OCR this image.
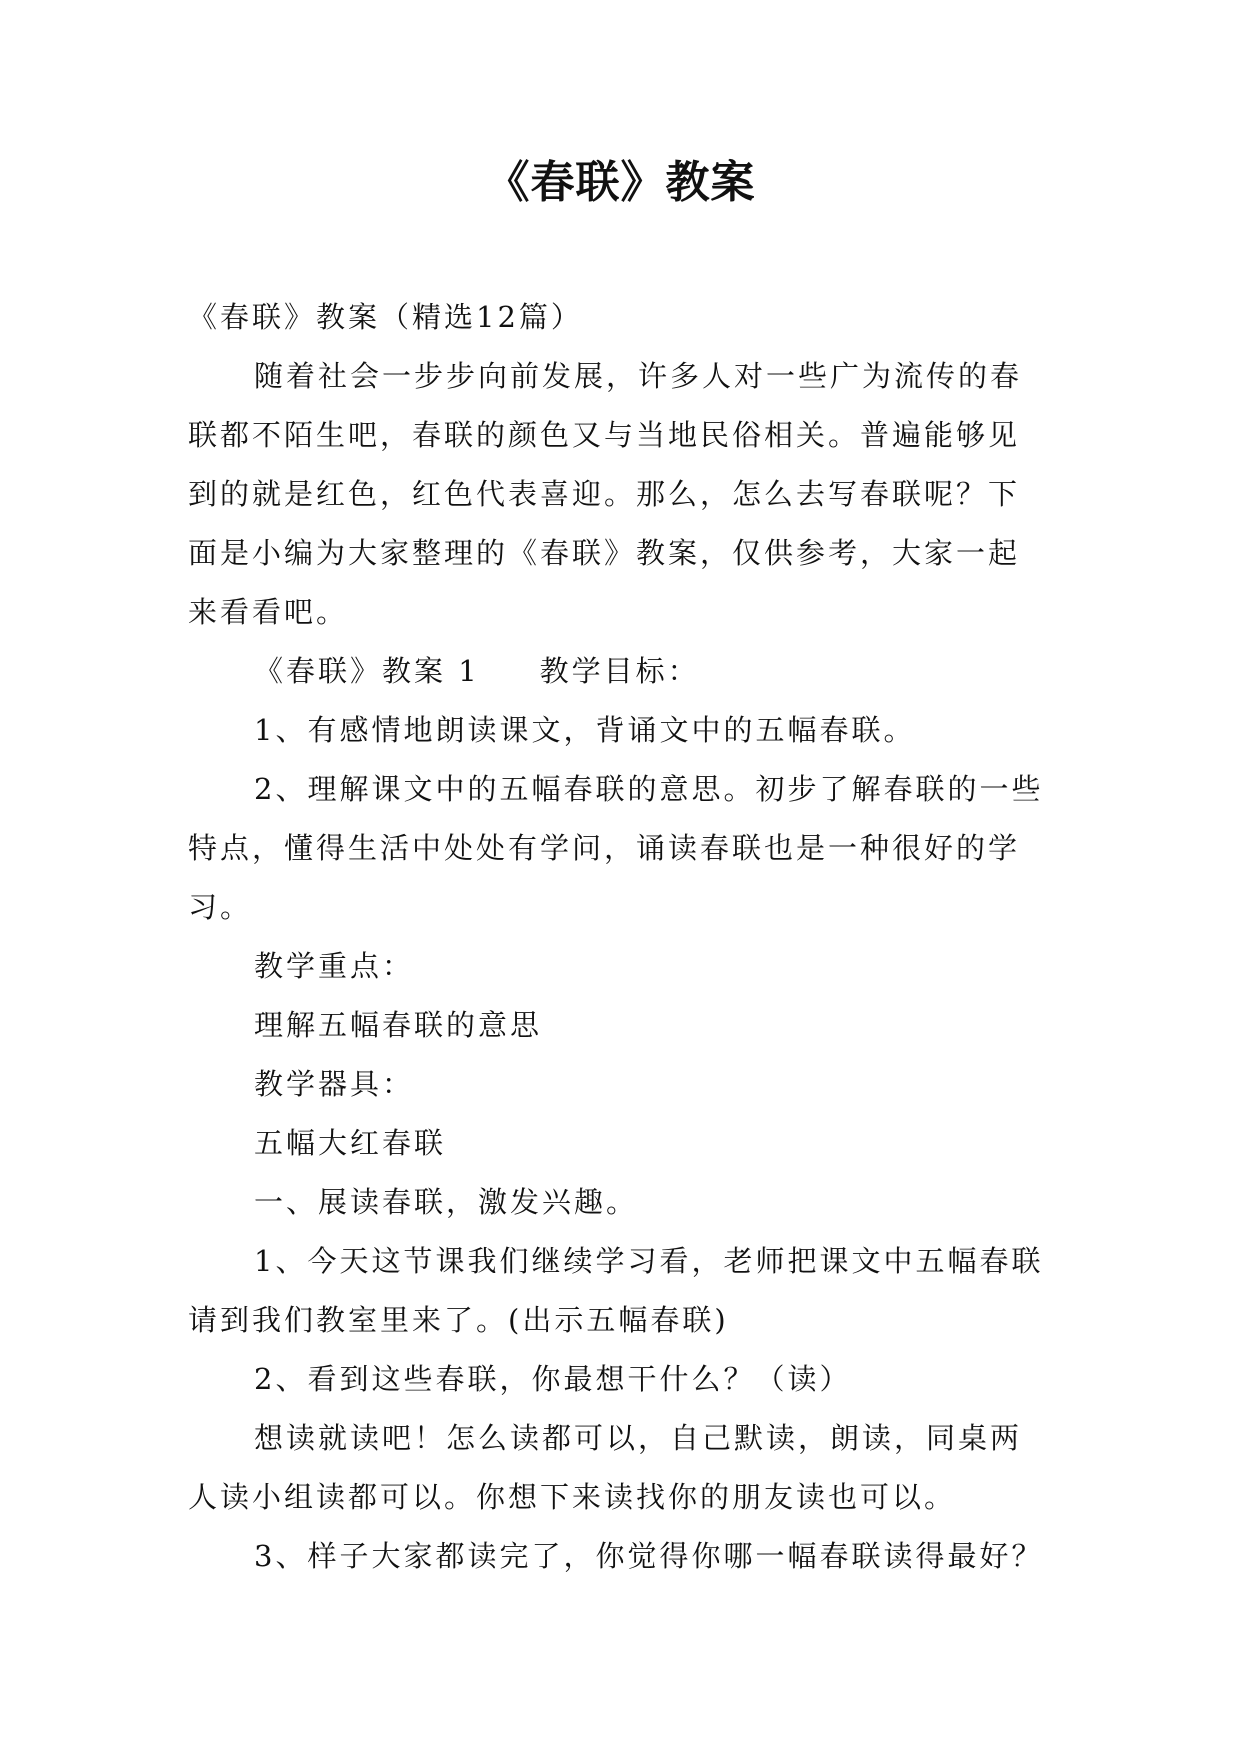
《春联》教案

《春联》教案（精选12篇）

随着社会一步步向前发展，许多人对一些广为流传的春联都不陌生吧，春联的颜色又与当地民俗相关。普遍能够见到的就是红色，红色代表喜迎。那么，怎么去写春联呢？下面是小编为大家整理的《春联》教案，仅供参考，大家一起来看看吧。

《春联》教案 1 教学目标：

1、有感情地朗读课文，背诵文中的五幅春联。

2、理解课文中的五幅春联的意思。初步了解春联的一些特点，懂得生活中处处有学问，诵读春联也是一种很好的学习。

教学重点：

理解五幅春联的意思

教学器具：

五幅大红春联

一、展读春联，激发兴趣。

1、今天这节课我们继续学习看，老师把课文中五幅春联请到我们教室里来了。(出示五幅春联)

2、看到这些春联，你最想干什么？（读）

想读就读吧！怎么读都可以，自己默读，朗读，同桌两人读小组读都可以。你想下来读找你的朋友读也可以。

3、样子大家都读完了，你觉得你哪一幅春联读得最好？
